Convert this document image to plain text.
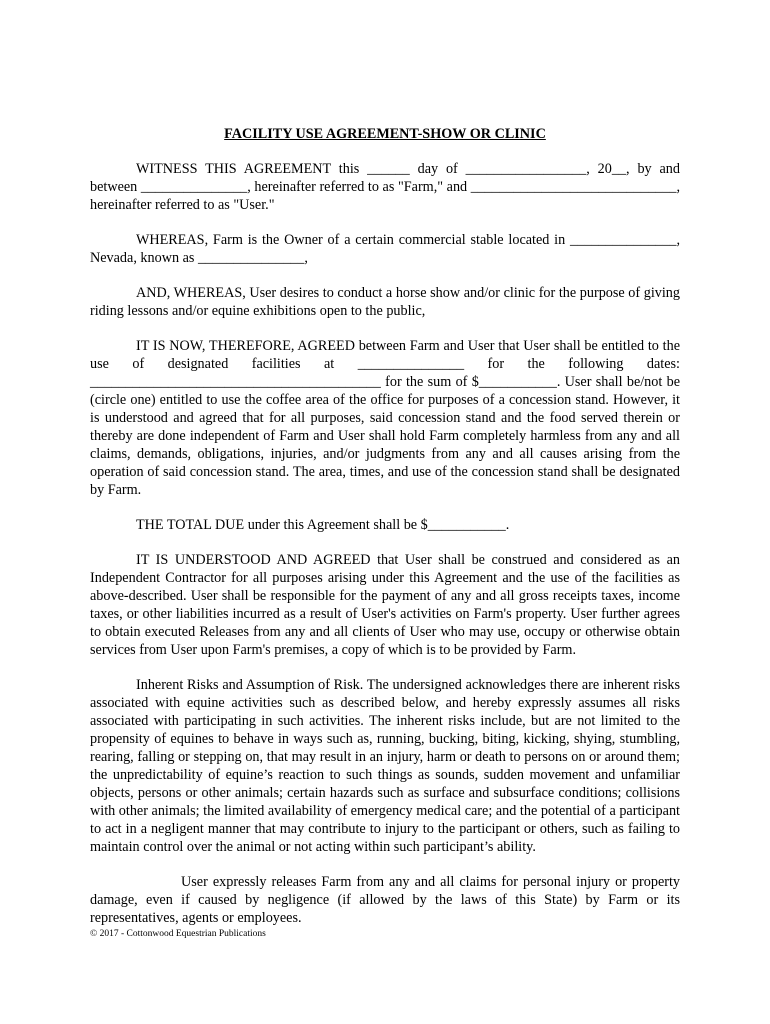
FACILITY USE AGREEMENT-SHOW OR CLINIC

WITNESS THIS AGREEMENT this ______ day of _________________, 20__, by and between _______________, hereinafter referred to as "Farm," and _____________________________, hereinafter referred to as "User."

WHEREAS, Farm is the Owner of a certain commercial stable located in _______________, Nevada, known as _______________,

AND, WHEREAS, User desires to conduct a horse show and/or clinic for the purpose of giving riding lessons and/or equine exhibitions open to the public,

IT IS NOW, THEREFORE, AGREED between Farm and User that User shall be entitled to the use of designated facilities at _______________ for the following dates: _________________________________________ for the sum of $___________. User shall be/not be (circle one) entitled to use the coffee area of the office for purposes of a concession stand. However, it is understood and agreed that for all purposes, said concession stand and the food served therein or thereby are done independent of Farm and User shall hold Farm completely harmless from any and all claims, demands, obligations, injuries, and/or judgments from any and all causes arising from the operation of said concession stand. The area, times, and use of the concession stand shall be designated by Farm.

THE TOTAL DUE under this Agreement shall be $___________.

IT IS UNDERSTOOD AND AGREED that User shall be construed and considered as an Independent Contractor for all purposes arising under this Agreement and the use of the facilities as above-described. User shall be responsible for the payment of any and all gross receipts taxes, income taxes, or other liabilities incurred as a result of User's activities on Farm's property. User further agrees to obtain executed Releases from any and all clients of User who may use, occupy or otherwise obtain services from User upon Farm's premises, a copy of which is to be provided by Farm.

Inherent Risks and Assumption of Risk. The undersigned acknowledges there are inherent risks associated with equine activities such as described below, and hereby expressly assumes all risks associated with participating in such activities. The inherent risks include, but are not limited to the propensity of equines to behave in ways such as, running, bucking, biting, kicking, shying, stumbling, rearing, falling or stepping on, that may result in an injury, harm or death to persons on or around them; the unpredictability of equine’s reaction to such things as sounds, sudden movement and unfamiliar objects, persons or other animals; certain hazards such as surface and subsurface conditions; collisions with other animals; the limited availability of emergency medical care; and the potential of a participant to act in a negligent manner that may contribute to injury to the participant or others, such as failing to maintain control over the animal or not acting within such participant’s ability.

User expressly releases Farm from any and all claims for personal injury or property damage, even if caused by negligence (if allowed by the laws of this State) by Farm or its representatives, agents or employees.

© 2017 - Cottonwood Equestrian Publications
